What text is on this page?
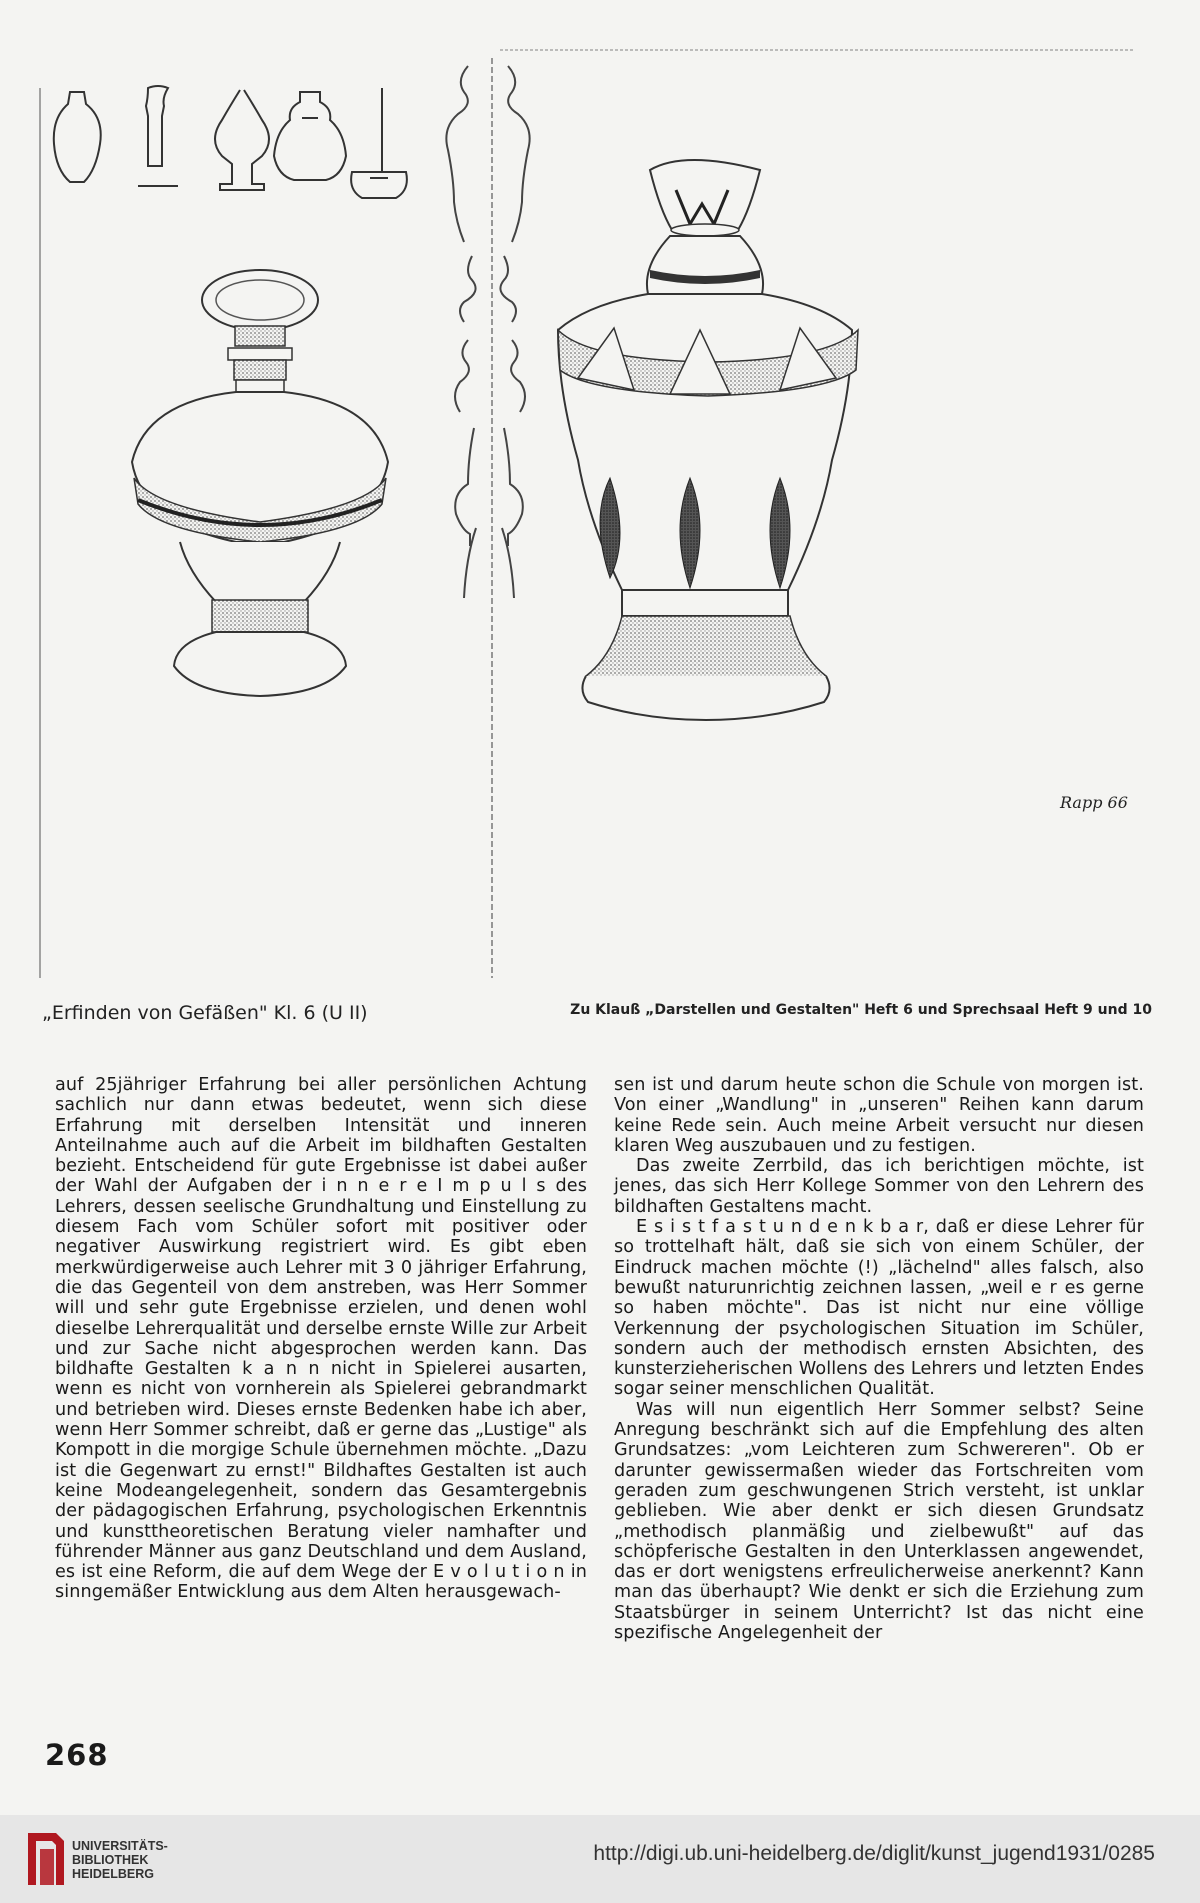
Rapp 66
„Erfinden von Gefäßen" Kl. 6 (U II)	Zu Klauß „Darstellen und Gestalten" Heft 6 und Sprechsaal Heft 9 und 10

auf 25jähriger Erfahrung bei aller persönlichen Achtung sachlich nur dann etwas bedeutet, wenn sich diese Erfahrung mit derselben Intensität und inneren Anteilnahme auch auf die Arbeit im bildhaften Gestalten bezieht. Entscheidend für gute Ergebnisse ist dabei außer der Wahl der Aufgaben der i n n e r e I m p u l s des Lehrers, dessen seelische Grundhaltung und Einstellung zu diesem Fach vom Schüler sofort mit positiver oder negativer Auswirkung registriert wird. Es gibt eben merkwürdigerweise auch Lehrer mit 3 0 jähriger Erfahrung, die das Gegenteil von dem anstreben, was Herr Sommer will und sehr gute Ergebnisse erzielen, und denen wohl dieselbe Lehrerqualität und derselbe ernste Wille zur Arbeit und zur Sache nicht abgesprochen werden kann. Das bildhafte Gestalten k a n n nicht in Spielerei ausarten, wenn es nicht von vornherein als Spielerei gebrandmarkt und betrieben wird. Dieses ernste Bedenken habe ich aber, wenn Herr Sommer schreibt, daß er gerne das „Lustige" als Kompott in die morgige Schule übernehmen möchte. „Dazu ist die Gegenwart zu ernst!" Bildhaftes Gestalten ist auch keine Modeangelegenheit, sondern das Gesamtergebnis der pädagogischen Erfahrung, psychologischen Erkenntnis und kunsttheoretischen Beratung vieler namhafter und führender Männer aus ganz Deutschland und dem Ausland, es ist eine Reform, die auf dem Wege der E v o l u t i o n in sinngemäßer Entwicklung aus dem Alten herausgewach-

sen ist und darum heute schon die Schule von morgen ist. Von einer „Wandlung" in „unseren" Reihen kann darum keine Rede sein. Auch meine Arbeit versucht nur diesen klaren Weg auszubauen und zu festigen.

Das zweite Zerrbild, das ich berichtigen möchte, ist jenes, das sich Herr Kollege Sommer von den Lehrern des bildhaften Gestaltens macht.

E s i s t f a s t u n d e n k b a r, daß er diese Lehrer für so trottelhaft hält, daß sie sich von einem Schüler, der Eindruck machen möchte (!) „lächelnd" alles falsch, also bewußt naturunrichtig zeichnen lassen, „weil e r es gerne so haben möchte". Das ist nicht nur eine völlige Verkennung der psychologischen Situation im Schüler, sondern auch der methodisch ernsten Absichten, des kunsterzieherischen Wollens des Lehrers und letzten Endes sogar seiner menschlichen Qualität.

Was will nun eigentlich Herr Sommer selbst? Seine Anregung beschränkt sich auf die Empfehlung des alten Grundsatzes: „vom Leichteren zum Schwereren". Ob er darunter gewissermaßen wieder das Fortschreiten vom geraden zum geschwungenen Strich versteht, ist unklar geblieben. Wie aber denkt er sich diesen Grundsatz „methodisch planmäßig und zielbewußt" auf das schöpferische Gestalten in den Unterklassen angewendet, das er dort wenigstens erfreulicherweise anerkennt? Kann man das überhaupt? Wie denkt er sich die Erziehung zum Staatsbürger in seinem Unterricht? Ist das nicht eine spezifische Angelegenheit der

268
UNIVERSITÄTS-
BIBLIOTHEK
HEIDELBERG
http://digi.ub.uni-heidelberg.de/diglit/kunst_jugend1931/0285
